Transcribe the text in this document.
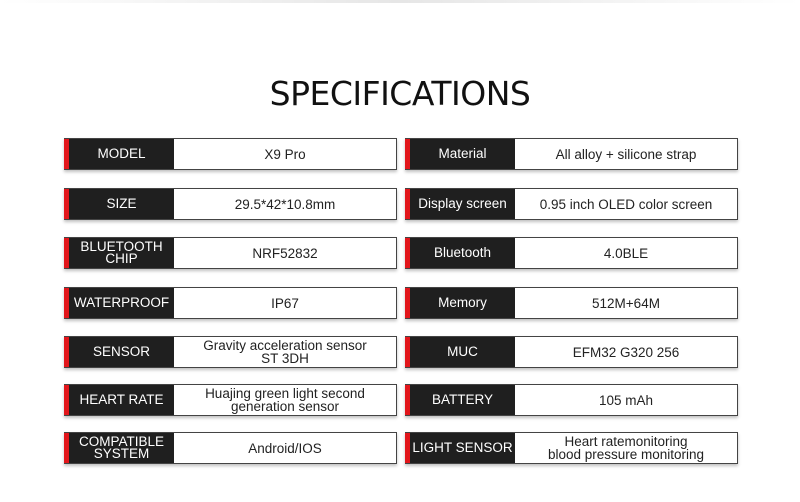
SPECIFICATIONS
MODEL	X9 Pro
SIZE	29.5*42*10.8mm
BLUETOOTH
CHIP	NRF52832
WATERPROOF	IP67
SENSOR	Gravity acceleration sensor
ST 3DH
HEART RATE	Huajing green light second
generation sensor
COMPATIBLE
SYSTEM	Android/IOS
Material	All alloy + silicone strap
Display screen	0.95 inch OLED color screen
Bluetooth	4.0BLE
Memory	512M+64M
MUC	EFM32 G320 256
BATTERY	105 mAh
LIGHT SENSOR	Heart ratemonitoring
blood pressure monitoring
